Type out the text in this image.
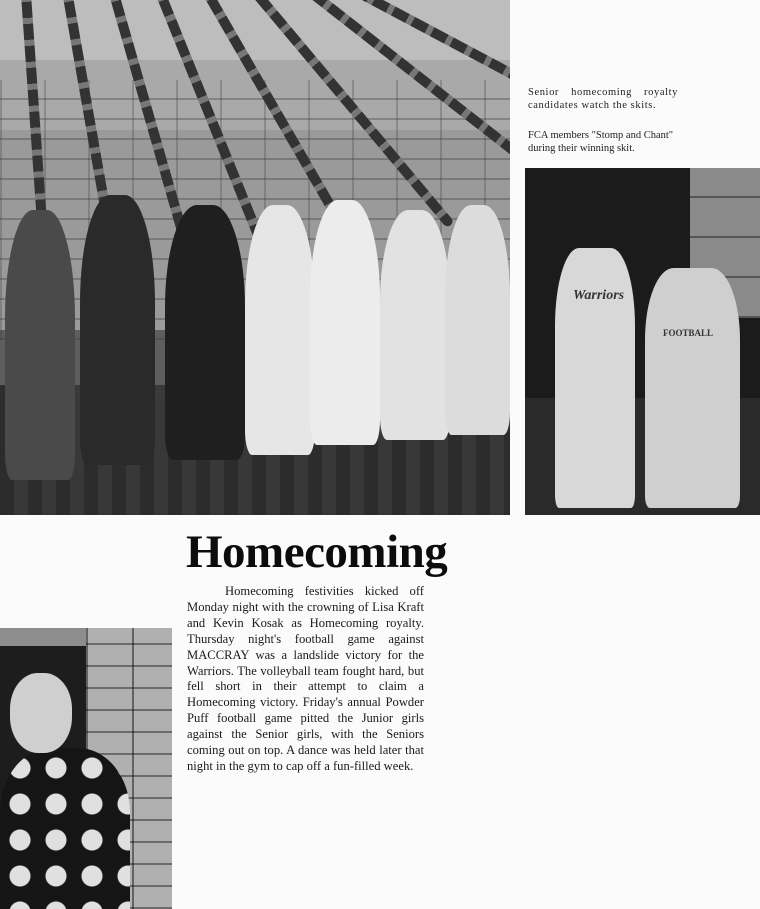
Senior homecoming royalty candidates watch the skits.
FCA members "Stomp and Chant" during their winning skit.
Warriors
FOOTBALL
Homecoming

Homecoming festivities kicked off Monday night with the crowning of Lisa Kraft and Kevin Kosak as Homecoming royalty. Thursday night's football game against MACCRAY was a landslide victory for the Warriors. The volleyball team fought hard, but fell short in their attempt to claim a Homecoming victory. Friday's annual Powder Puff football game pitted the Junior girls against the Senior girls, with the Seniors coming out on top. A dance was held later that night in the gym to cap off a fun-filled week.
